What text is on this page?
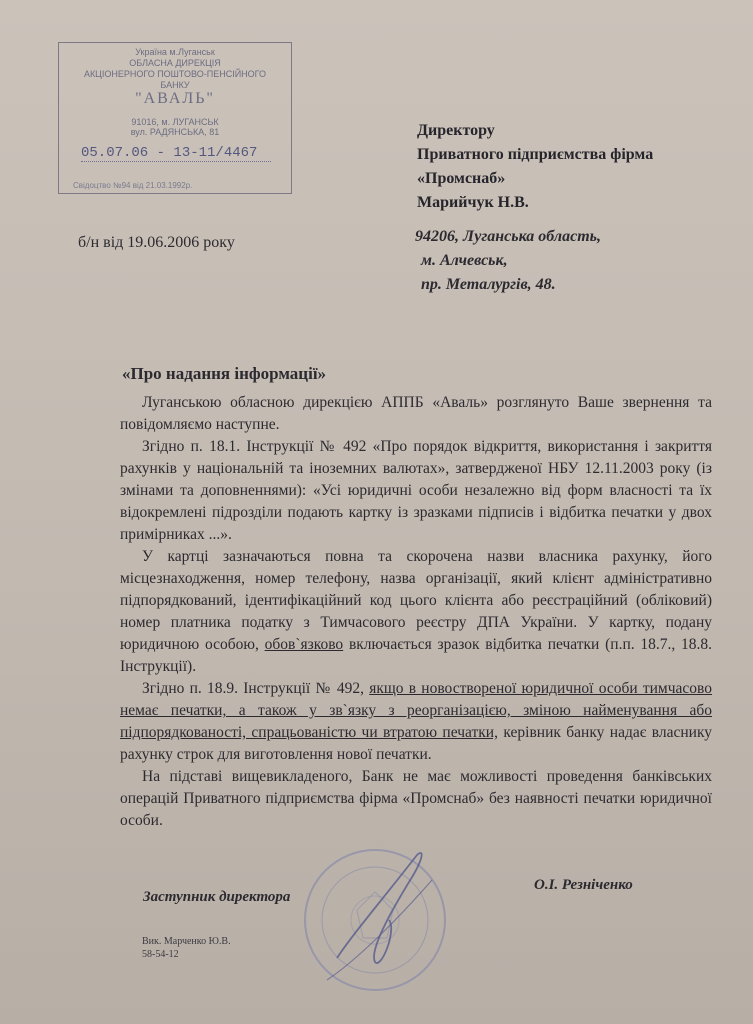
Україна м.Луганськ
ОБЛАСНА ДИРЕКЦІЯ
АКЦІОНЕРНОГО ПОШТОВО-ПЕНСІЙНОГО
БАНКУ
"АВАЛЬ"
91016, м. ЛУГАНСЬК
вул. РАДЯНСЬКА, 81
05.07.06 - 13-11/4467
Свідоцтво №94 від 21.03.1992р.
Директору
Приватного підприємства фірма
«Промснаб»
Марийчук Н.В.
94206, Луганська область,
м. Алчевськ,
пр. Металургів, 48.
б/н від 19.06.2006 року
«Про надання інформації»

Луганською обласною дирекцією АППБ «Аваль» розглянуто Ваше звернення та повідомляємо наступне.

Згідно п. 18.1. Інструкції № 492 «Про порядок відкриття, використання і закриття рахунків у національній та іноземних валютах», затвердженої НБУ 12.11.2003 року (із змінами та доповненнями): «Усі юридичні особи незалежно від форм власності та їх відокремлені підрозділи подають картку із зразками підписів і відбитка печатки у двох примірниках ...».

У картці зазначаються повна та скорочена назви власника рахунку, його місцезнаходження, номер телефону, назва організації, який клієнт адміністративно підпорядкований, ідентифікаційний код цього клієнта або реєстраційний (обліковий) номер платника податку з Тимчасового реєстру ДПА України. У картку, подану юридичною особою, обов`язково включається зразок відбитка печатки (п.п. 18.7., 18.8. Інструкції).

Згідно п. 18.9. Інструкції № 492, якщо в новоствореної юридичної особи тимчасово немає печатки, а також у зв`язку з реорганізацією, зміною найменування або підпорядкованості, спрацьованістю чи втратою печатки, керівник банку надає власнику рахунку строк для виготовлення нової печатки.

На підставі вищевикладеного, Банк не має можливості проведення банківських операцій Приватного підприємства фірма «Промснаб» без наявності печатки юридичної особи.

Заступник директора
О.І. Резніченко
Вик. Марченко Ю.В.
58-54-12
